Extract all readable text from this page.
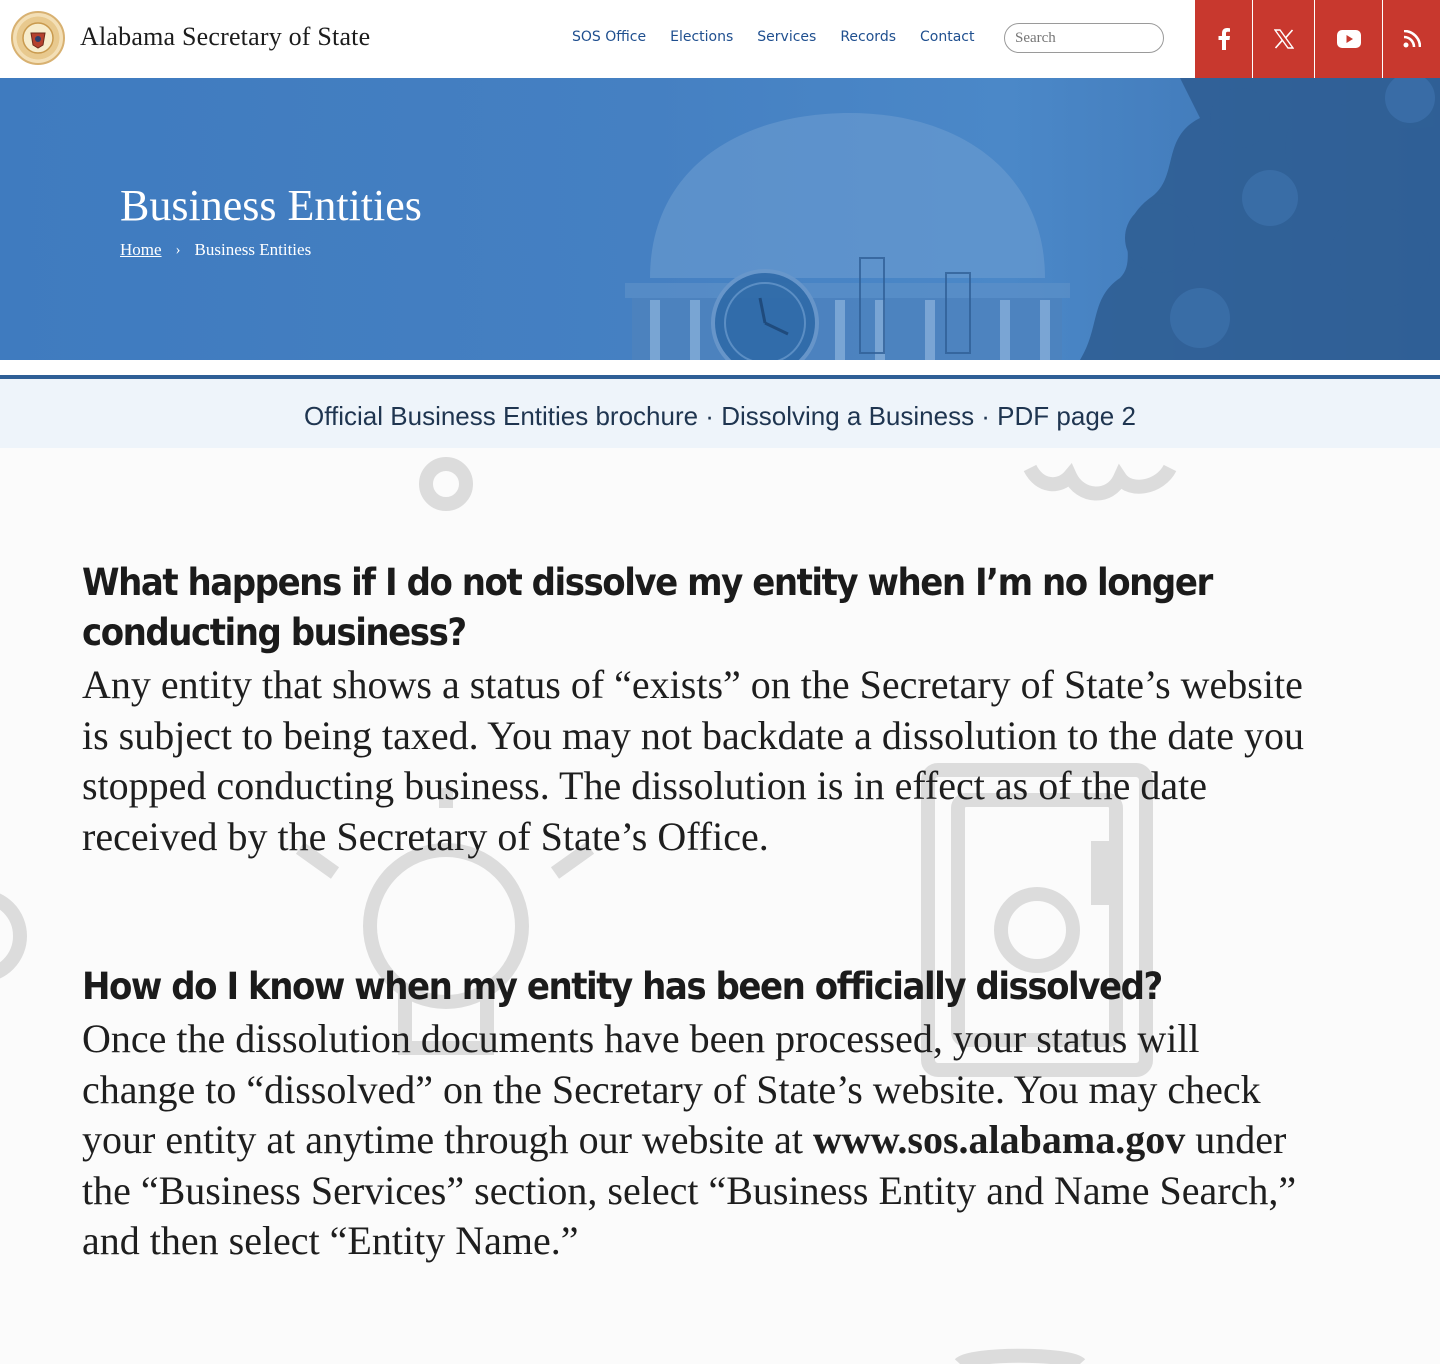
Alabama Secretary of State	SOS Office Elections Services Records Contact
Search
Business Entities
Home › Business Entities
Official Business Entities brochure · Dissolving a Business · PDF page 2
What happens if I do not dissolve my entity when I’m no longer conducting business?
Any entity that shows a status of “exists” on the Secretary of State’s website is subject to being taxed. You may not backdate a dissolution to the date you stopped conducting business. The dissolution is in effect as of the date received by the Secretary of State’s Office.
How do I know when my entity has been officially dissolved?
Once the dissolution documents have been processed, your status will change to “dissolved” on the Secretary of State’s website. You may check your entity at anytime through our website at www.sos.alabama.gov under the “Business Services” section, select “Business Entity and Name Search,” and then select “Entity Name.”
